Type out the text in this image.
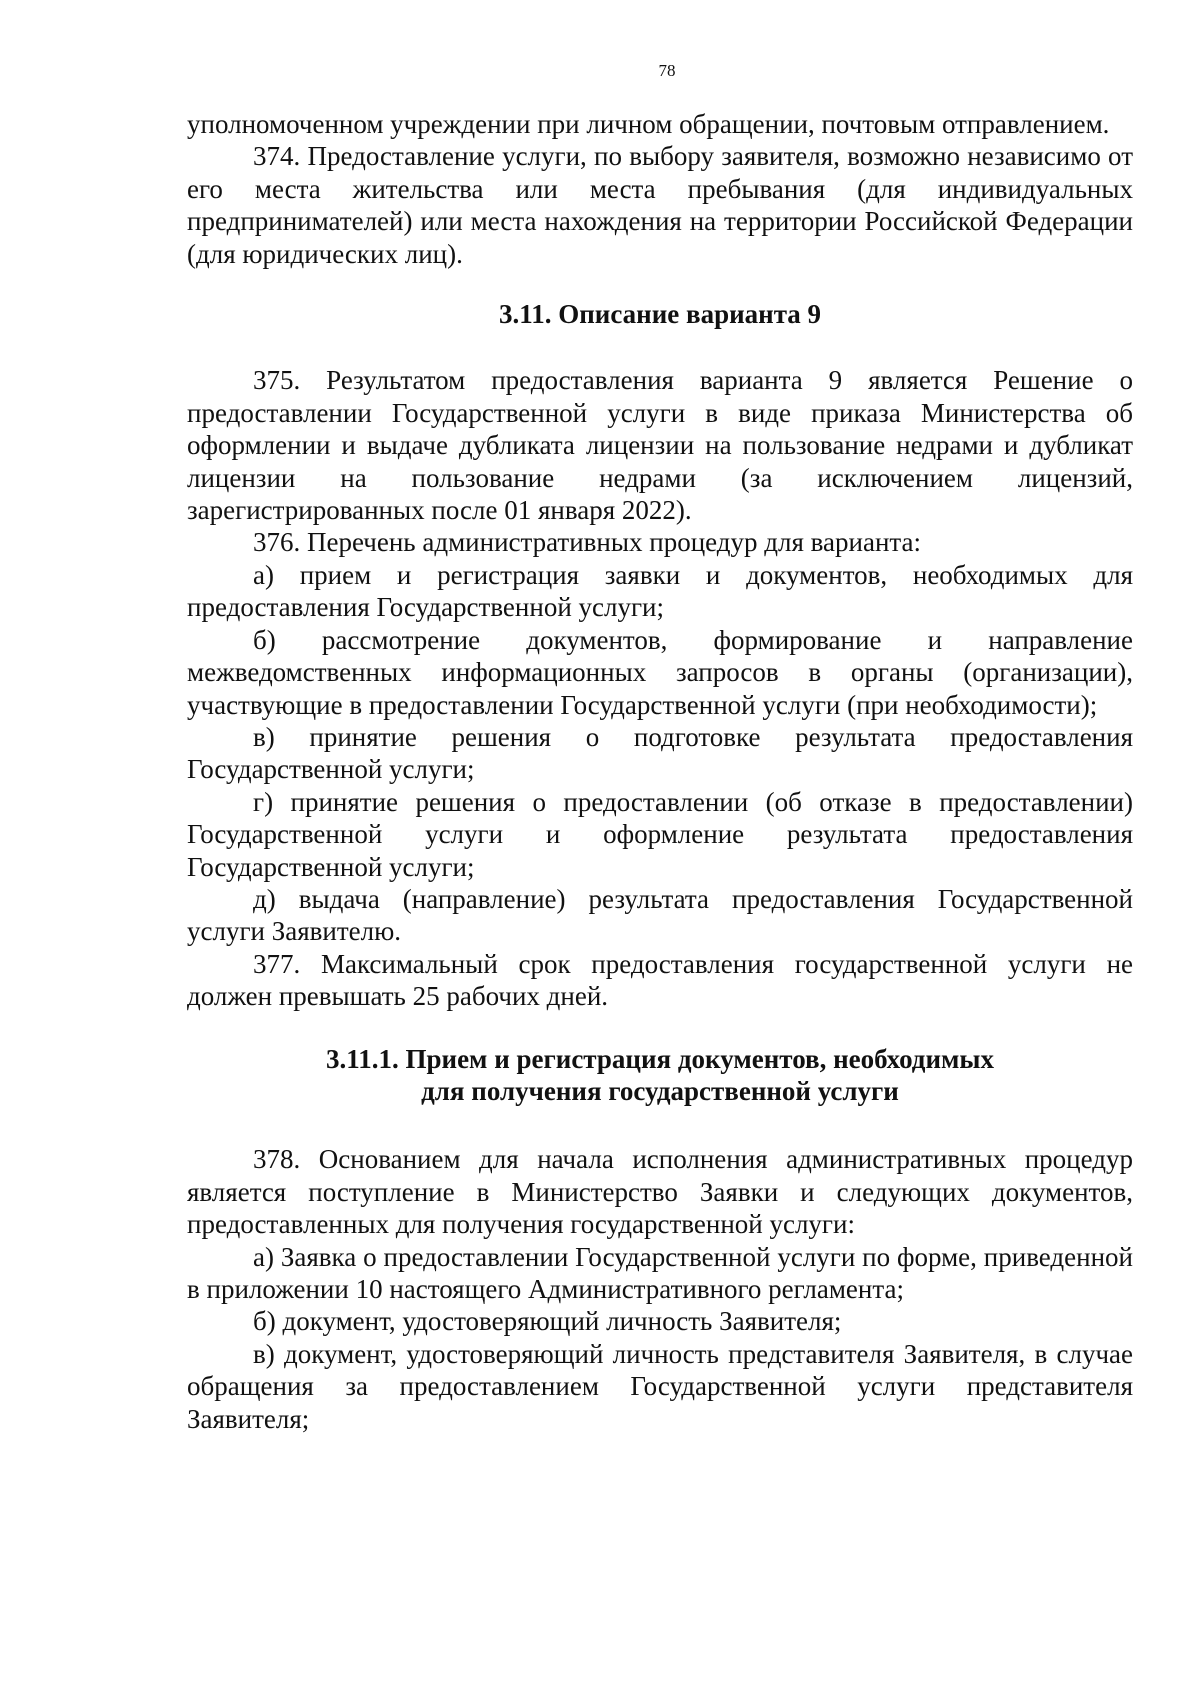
78

уполномоченном учреждении при личном обращении, почтовым отправлением.

374. Предоставление услуги, по выбору заявителя, возможно независимо от его места жительства или места пребывания (для индивидуальных предпринимателей) или места нахождения на территории Российской Федерации (для юридических лиц).

3.11. Описание варианта 9

375. Результатом предоставления варианта 9 является Решение о предоставлении Государственной услуги в виде приказа Министерства об оформлении и выдаче дубликата лицензии на пользование недрами и дубликат лицензии на пользование недрами (за исключением лицензий, зарегистрированных после 01 января 2022).

376. Перечень административных процедур для варианта:

а) прием и регистрация заявки и документов, необходимых для предоставления Государственной услуги;

б) рассмотрение документов, формирование и направление межведомственных информационных запросов в органы (организации), участвующие в предоставлении Государственной услуги (при необходимости);

в) принятие решения о подготовке результата предоставления Государственной услуги;

г) принятие решения о предоставлении (об отказе в предоставлении) Государственной услуги и оформление результата предоставления Государственной услуги;

д) выдача (направление) результата предоставления Государственной услуги Заявителю.

377. Максимальный срок предоставления государственной услуги не должен превышать 25 рабочих дней.

3.11.1. Прием и регистрация документов, необходимых
для получения государственной услуги

378. Основанием для начала исполнения административных процедур является поступление в Министерство Заявки и следующих документов, предоставленных для получения государственной услуги:

а) Заявка о предоставлении Государственной услуги по форме, приведенной в приложении 10 настоящего Административного регламента;

б) документ, удостоверяющий личность Заявителя;

в) документ, удостоверяющий личность представителя Заявителя, в случае обращения за предоставлением Государственной услуги представителя Заявителя;
